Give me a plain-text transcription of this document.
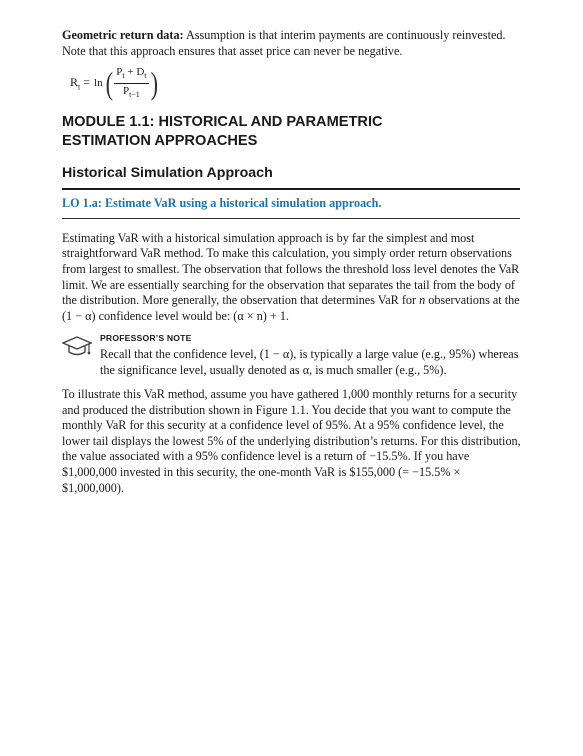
Geometric return data: Assumption is that interim payments are continuously reinvested. Note that this approach ensures that asset price can never be negative.

$R_t = \ln$ ( $\frac{P_t + D_t}{P_{t-1}}$ )
MODULE 1.1: HISTORICAL AND PARAMETRIC ESTIMATION APPROACHES
Historical Simulation Approach

LO 1.a: Estimate VaR using a historical simulation approach.

Estimating VaR with a historical simulation approach is by far the simplest and most straightforward VaR method. To make this calculation, you simply order return observations from largest to smallest. The observation that follows the threshold loss level denotes the VaR limit. We are essentially searching for the observation that separates the tail from the body of the distribution. More generally, the observation that determines VaR for n observations at the (1 − α) confidence level would be: (α × n) + 1.

PROFESSOR’S NOTE

Recall that the confidence level, (1 − α), is typically a large value (e.g., 95%) whereas the significance level, usually denoted as α, is much smaller (e.g., 5%).

To illustrate this VaR method, assume you have gathered 1,000 monthly returns for a security and produced the distribution shown in Figure 1.1. You decide that you want to compute the monthly VaR for this security at a confidence level of 95%. At a 95% confidence level, the lower tail displays the lowest 5% of the underlying distribution’s returns. For this distribution, the value associated with a 95% confidence level is a return of −15.5%. If you have $1,000,000 invested in this security, the one-month VaR is $155,000 (= −15.5% × $1,000,000).
